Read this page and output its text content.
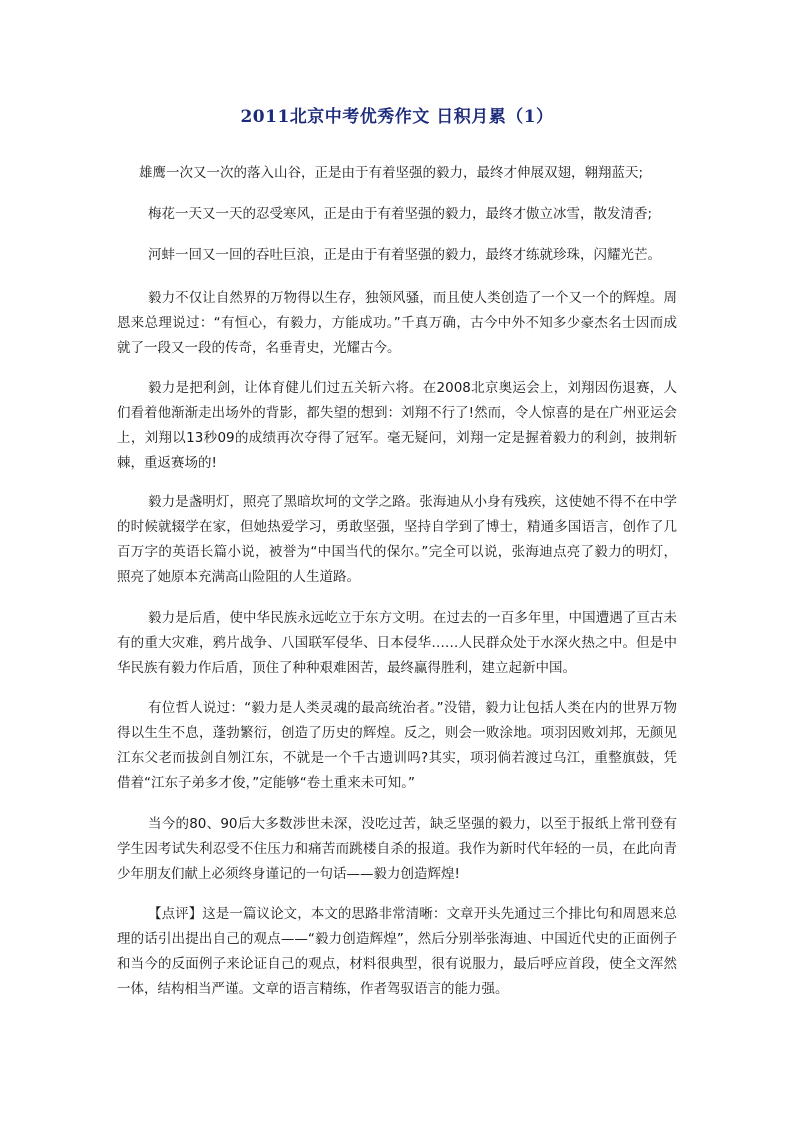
2011北京中考优秀作文 日积月累（1）
雄鹰一次又一次的落入山谷，正是由于有着坚强的毅力，最终才伸展双翅，翱翔蓝天;
梅花一天又一天的忍受寒风，正是由于有着坚强的毅力，最终才傲立冰雪，散发清香;
河蚌一回又一回的吞吐巨浪，正是由于有着坚强的毅力，最终才练就珍珠，闪耀光芒。

毅力不仅让自然界的万物得以生存，独领风骚，而且使人类创造了一个又一个的辉煌。周恩来总理说过：“有恒心，有毅力，方能成功。”千真万确，古今中外不知多少豪杰名士因而成就了一段又一段的传奇，名垂青史，光耀古今。

毅力是把利剑，让体育健儿们过五关斩六将。在2008北京奥运会上，刘翔因伤退赛，人们看着他渐渐走出场外的背影，都失望的想到：刘翔不行了!然而，令人惊喜的是在广州亚运会上，刘翔以13秒09的成绩再次夺得了冠军。毫无疑问，刘翔一定是握着毅力的利剑，披荆斩棘，重返赛场的!

毅力是盏明灯，照亮了黑暗坎坷的文学之路。张海迪从小身有残疾，这使她不得不在中学的时候就辍学在家，但她热爱学习，勇敢坚强，坚持自学到了博士，精通多国语言，创作了几百万字的英语长篇小说，被誉为“中国当代的保尔。”完全可以说，张海迪点亮了毅力的明灯，照亮了她原本充满高山险阻的人生道路。

毅力是后盾，使中华民族永远屹立于东方文明。在过去的一百多年里，中国遭遇了亘古未有的重大灾难，鸦片战争、八国联军侵华、日本侵华……人民群众处于水深火热之中。但是中华民族有毅力作后盾，顶住了种种艰难困苦，最终赢得胜利，建立起新中国。

有位哲人说过：“毅力是人类灵魂的最高统治者。”没错，毅力让包括人类在内的世界万物得以生生不息，蓬勃繁衍，创造了历史的辉煌。反之，则会一败涂地。项羽因败刘邦，无颜见江东父老而拔剑自刎江东，不就是一个千古遗训吗?其实，项羽倘若渡过乌江，重整旗鼓，凭借着“江东子弟多才俊，”定能够“卷土重来未可知。”

当今的80、90后大多数涉世未深，没吃过苦，缺乏坚强的毅力，以至于报纸上常刊登有学生因考试失利忍受不住压力和痛苦而跳楼自杀的报道。我作为新时代年轻的一员，在此向青少年朋友们献上必须终身谨记的一句话——毅力创造辉煌!

【点评】这是一篇议论文，本文的思路非常清晰：文章开头先通过三个排比句和周恩来总理的话引出提出自己的观点——“毅力创造辉煌”，然后分别举张海迪、中国近代史的正面例子和当今的反面例子来论证自己的观点，材料很典型，很有说服力，最后呼应首段，使全文浑然一体，结构相当严谨。文章的语言精练，作者驾驭语言的能力强。
